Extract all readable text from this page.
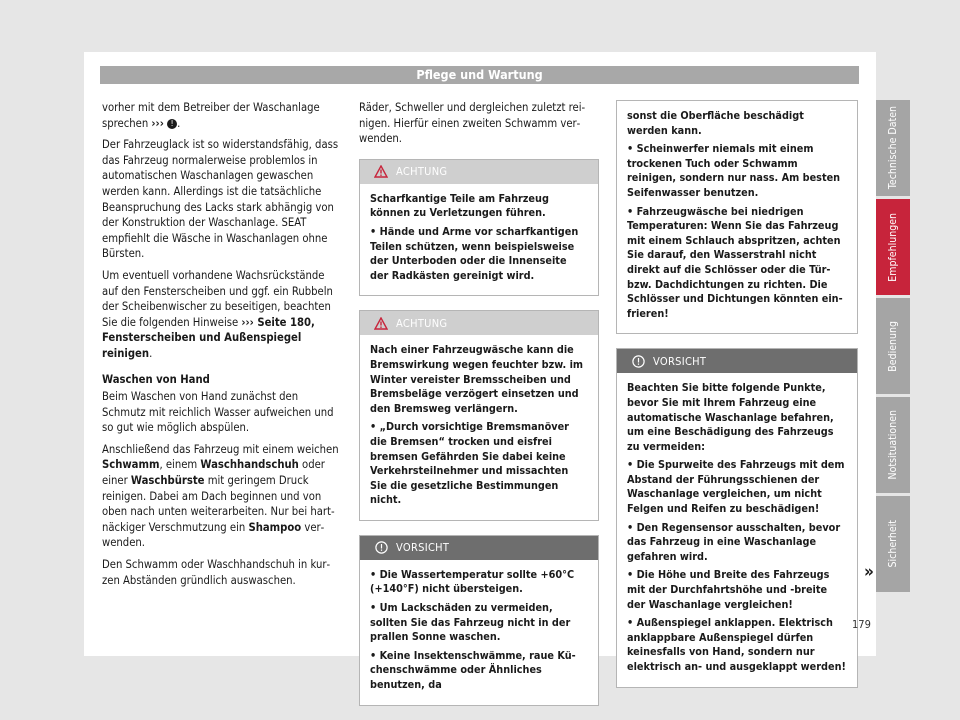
Pflege und Wartung

vorher mit dem Betreiber der Waschanlage sprechen ››› ! .

Der Fahrzeuglack ist so widerstandsfähig, dass das Fahrzeug normalerweise problemlos in automatischen Waschanlagen gewaschen werden kann. Allerdings ist die tatsächliche Beanspruchung des Lacks stark abhängig von der Konstruktion der Waschanlage. SEAT empfiehlt die Wäsche in Waschanlagen ohne Bürsten.

Um eventuell vorhandene Wachsrückstände auf den Fensterscheiben und ggf. ein Rubbeln der Scheibenwischer zu beseitigen, beachten Sie die folgenden Hinweise ››› Seite 180, Fensterscheiben und Außenspiegel reinigen.

Waschen von Hand

Beim Waschen von Hand zunächst den Schmutz mit reichlich Wasser aufweichen und so gut wie möglich abspülen.

Anschließend das Fahrzeug mit einem weichen Schwamm, einem Waschhandschuh oder einer Waschbürste mit geringem Druck reinigen. Dabei am Dach beginnen und von oben nach unten weiterarbeiten. Nur bei hartnäckiger Verschmutzung ein Shampoo verwenden.

Den Schwamm oder Waschhandschuh in kurzen Abständen gründlich auswaschen.

Räder, Schweller und dergleichen zuletzt reinigen. Hierfür einen zweiten Schwamm verwenden.

ACHTUNG

Scharfkantige Teile am Fahrzeug können zu Verletzungen führen.

• Hände und Arme vor scharfkantigen Teilen schützen, wenn beispielsweise der Unterboden oder die Innenseite der Radkästen gereinigt wird.

ACHTUNG

Nach einer Fahrzeugwäsche kann die Bremswirkung wegen feuchter bzw. im Winter vereister Bremsscheiben und Bremsbeläge verzögert einsetzen und den Bremsweg verlängern.

• „Durch vorsichtige Bremsmanöver die Bremsen“ trocken und eisfrei bremsen Gefährden Sie dabei keine Verkehrsteilnehmer und missachten Sie die gesetzliche Bestimmungen nicht.

VORSICHT

• Die Wassertemperatur sollte +60°C (+140°F) nicht übersteigen.

• Um Lackschäden zu vermeiden, sollten Sie das Fahrzeug nicht in der prallen Sonne waschen.

• Keine Insektenschwämme, raue Küchenschwämme oder Ähnliches benutzen, da

sonst die Oberfläche beschädigt werden kann.

• Scheinwerfer niemals mit einem trockenen Tuch oder Schwamm reinigen, sondern nur nass. Am besten Seifenwasser benutzen.

• Fahrzeugwäsche bei niedrigen Temperaturen: Wenn Sie das Fahrzeug mit einem Schlauch abspritzen, achten Sie darauf, den Wasserstrahl nicht direkt auf die Schlösser oder die Tür- bzw. Dachdichtungen zu richten. Die Schlösser und Dichtungen könnten einfrieren!

VORSICHT

Beachten Sie bitte folgende Punkte, bevor Sie mit Ihrem Fahrzeug eine automatische Waschanlage befahren, um eine Beschädigung des Fahrzeugs zu vermeiden:

• Die Spurweite des Fahrzeugs mit dem Abstand der Führungsschienen der Waschanlage vergleichen, um nicht Felgen und Reifen zu beschädigen!

• Den Regensensor ausschalten, bevor das Fahrzeug in eine Waschanlage gefahren wird.

• Die Höhe und Breite des Fahrzeugs mit der Durchfahrtshöhe und -breite der Waschanlage vergleichen!

• Außenspiegel anklappen. Elektrisch anklappbare Außenspiegel dürfen keinesfalls von Hand, sondern nur elektrisch an- und ausgeklappt werden!

»
Technische Daten
Empfehlungen
Bedienung
Notsituationen
Sicherheit
179
